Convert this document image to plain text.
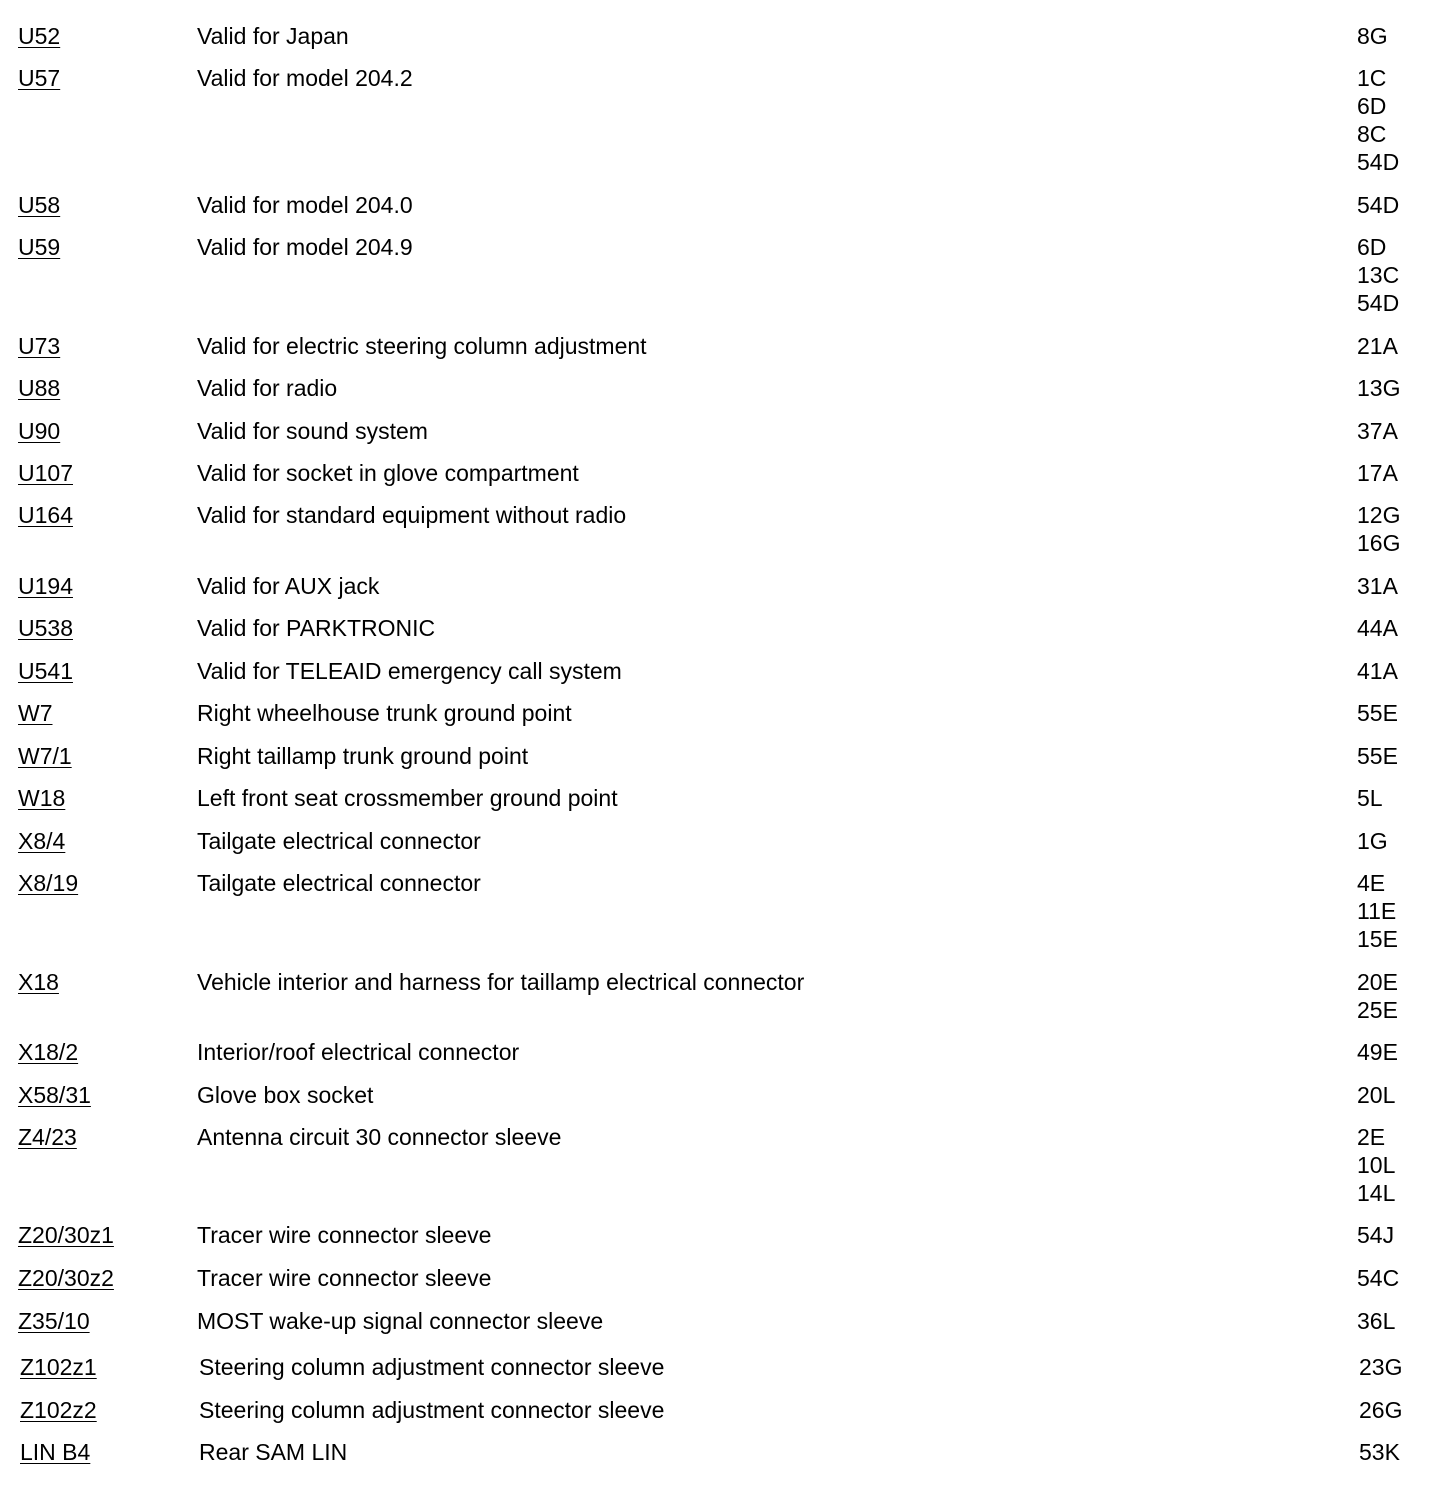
U52	Valid for Japan	8G
U57	Valid for model 204.2	1C
6D
8C
54D
U58	Valid for model 204.0	54D
U59	Valid for model 204.9	6D
13C
54D
U73	Valid for electric steering column adjustment	21A
U88	Valid for radio	13G
U90	Valid for sound system	37A
U107	Valid for socket in glove compartment	17A
U164	Valid for standard equipment without radio	12G
16G
U194	Valid for AUX jack	31A
U538	Valid for PARKTRONIC	44A
U541	Valid for TELEAID emergency call system	41A
W7	Right wheelhouse trunk ground point	55E
W7/1	Right taillamp trunk ground point	55E
W18	Left front seat crossmember ground point	5L
X8/4	Tailgate electrical connector	1G
X8/19	Tailgate electrical connector	4E
11E
15E
X18	Vehicle interior and harness for taillamp electrical connector	20E
25E
X18/2	Interior/roof electrical connector	49E
X58/31	Glove box socket	20L
Z4/23	Antenna circuit 30 connector sleeve	2E
10L
14L
Z20/30z1	Tracer wire connector sleeve	54J
Z20/30z2	Tracer wire connector sleeve	54C
Z35/10	MOST wake-up signal connector sleeve	36L
Z102z1	Steering column adjustment connector sleeve	23G
Z102z2	Steering column adjustment connector sleeve	26G
LIN B4	Rear SAM LIN	53K
